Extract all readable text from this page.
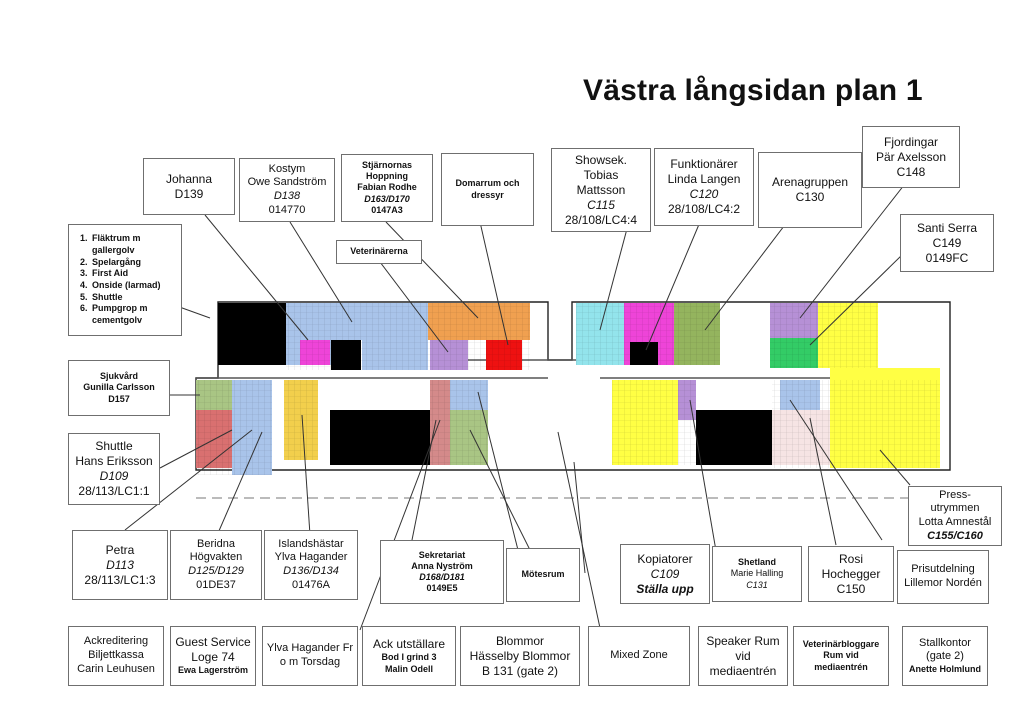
Västra långsidan plan 1
1. Fläktrum m gallergolv
2. Spelargång
3. First Aid
4. Onside (larmad)
5. Shuttle
6. Pumpgrop m cementgolv
Johanna
D139
Kostym
Owe Sandström
D138
014770
Stjärnornas
Hoppning
Fabian Rodhe
D163/D170
0147A3
Domarrum och
dressyr
Veterinärerna
Showsek.
Tobias
Mattsson
C115
28/108/LC4:4
Funktionärer
Linda Langen
C120
28/108/LC4:2
Arenagruppen
C130
Fjordingar
Pär Axelsson
C148
Santi Serra
C149
0149FC
Sjukvård
Gunilla Carlsson
D157
Shuttle
Hans Eriksson
D109
28/113/LC1:1
Petra
D113
28/113/LC1:3
Beridna
Högvakten
D125/D129
01DE37
Islandshästar
Ylva Hagander
D136/D134
01476A
Sekretariat
Anna Nyström
D168/D181
0149E5
Mötesrum
Kopiatorer
C109
Ställa upp
Shetland
Marie Halling
C131
Rosi
Hochegger
C150
Prisutdelning
Lillemor Nordén
Press-
utrymmen
Lotta Amnestål
C155/C160
Ackreditering
Biljettkassa
Carin Leuhusen
Guest Service
Loge 74
Ewa Lagerström
Ylva Hagander Fr
o m Torsdag
Ack utställare
Bod I grind 3
Malin Odell
Blommor
Hässelby Blommor
B 131 (gate 2)
Mixed Zone
Speaker Rum
vid
mediaentrén
Veterinärbloggare
Rum vid
mediaentrén
Stallkontor
(gate 2)
Anette Holmlund
